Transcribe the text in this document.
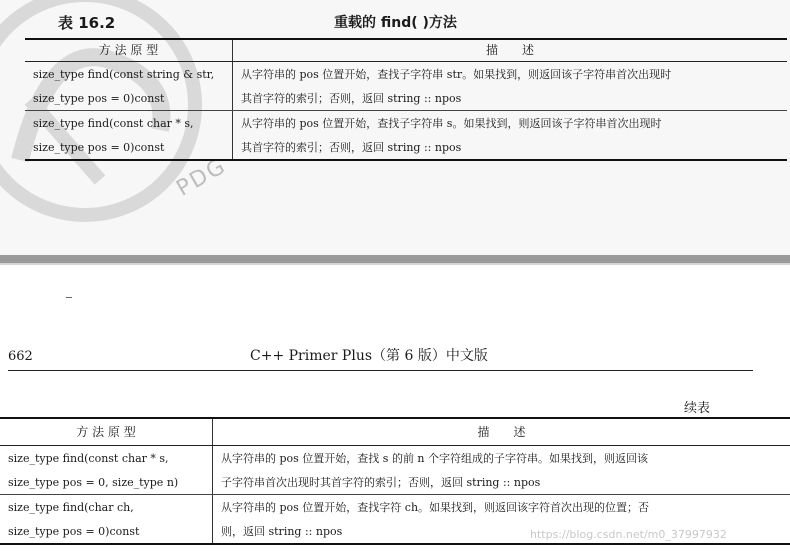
PDG
表 16.2	重载的 find( )方法
方 法 原 型	描　　述
size_type find(const string & str,	从字符串的 pos 位置开始，查找子字符串 str。如果找到，则返回该子字符串首次出现时
size_type pos = 0)const	其首字符的索引；否则，返回 string :: npos
size_type find(const char * s,	从字符串的 pos 位置开始，查找子字符串 s。如果找到，则返回该子字符串首次出现时
size_type pos = 0)const	其首字符的索引；否则，返回 string :: npos
662	C++ Primer Plus（第 6 版）中文版
续表
方 法 原 型	描　　述
size_type find(const char * s,	从字符串的 pos 位置开始，查找 s 的前 n 个字符组成的子字符串。如果找到，则返回该
size_type pos = 0, size_type n)	子字符串首次出现时其首字符的索引；否则，返回 string :: npos
size_type find(char ch,	从字符串的 pos 位置开始，查找字符 ch。如果找到，则返回该字符首次出现的位置；否
size_type pos = 0)const	则，返回 string :: npos	https://blog.csdn.net/m0_37997932
